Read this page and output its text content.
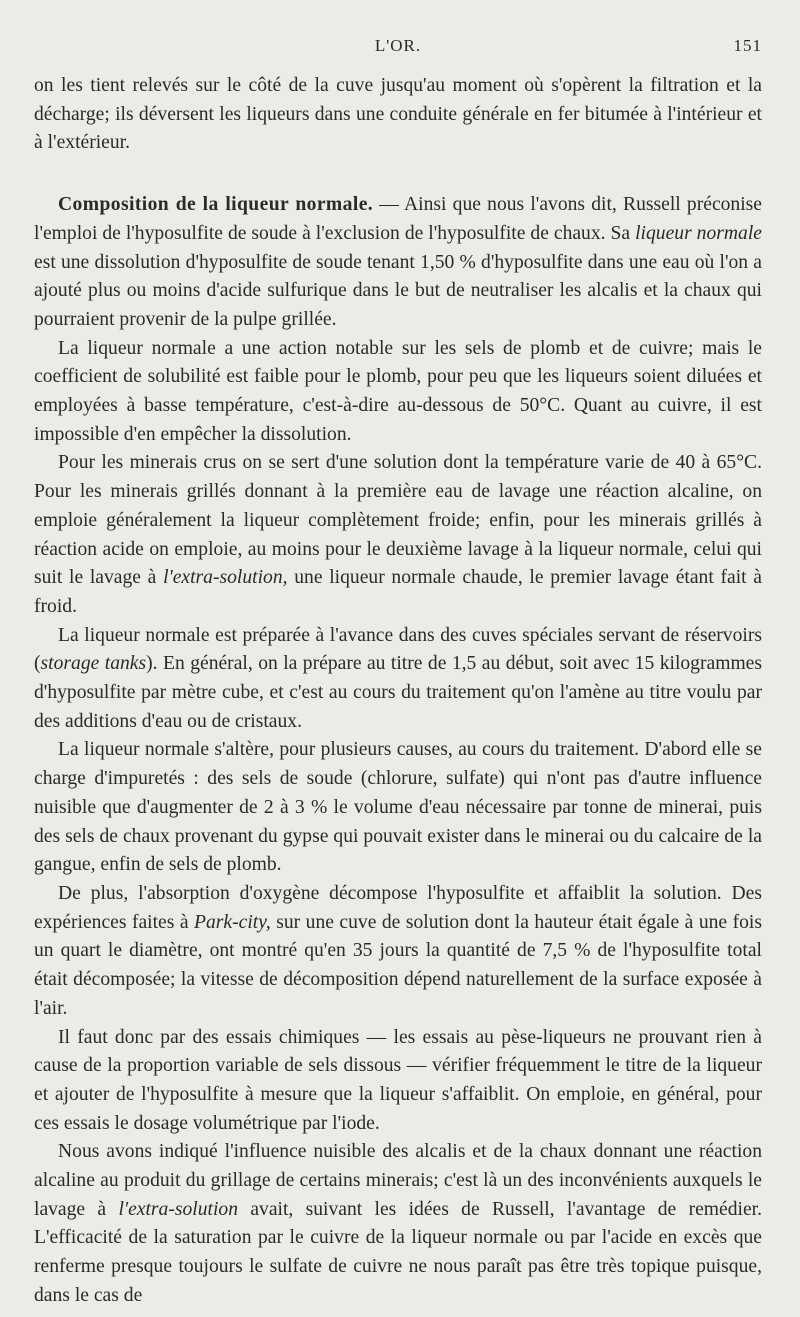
L'OR.	151

on les tient relevés sur le côté de la cuve jusqu'au moment où s'opèrent la filtration et la décharge; ils déversent les liqueurs dans une conduite générale en fer bitumée à l'intérieur et à l'extérieur.

Composition de la liqueur normale. — Ainsi que nous l'avons dit, Russell préconise l'emploi de l'hyposulfite de soude à l'exclusion de l'hyposulfite de chaux. Sa liqueur normale est une dissolution d'hyposulfite de soude tenant 1,50 % d'hyposulfite dans une eau où l'on a ajouté plus ou moins d'acide sulfurique dans le but de neutraliser les alcalis et la chaux qui pourraient provenir de la pulpe grillée.

La liqueur normale a une action notable sur les sels de plomb et de cuivre; mais le coefficient de solubilité est faible pour le plomb, pour peu que les liqueurs soient diluées et employées à basse température, c'est-à-dire au-dessous de 50°C. Quant au cuivre, il est impossible d'en empêcher la dissolution.

Pour les minerais crus on se sert d'une solution dont la température varie de 40 à 65°C. Pour les minerais grillés donnant à la première eau de lavage une réaction alcaline, on emploie généralement la liqueur complètement froide; enfin, pour les minerais grillés à réaction acide on emploie, au moins pour le deuxième lavage à la liqueur normale, celui qui suit le lavage à l'extra-solution, une liqueur normale chaude, le premier lavage étant fait à froid.

La liqueur normale est préparée à l'avance dans des cuves spéciales servant de réservoirs (storage tanks). En général, on la prépare au titre de 1,5 au début, soit avec 15 kilogrammes d'hyposulfite par mètre cube, et c'est au cours du traitement qu'on l'amène au titre voulu par des additions d'eau ou de cristaux.

La liqueur normale s'altère, pour plusieurs causes, au cours du traitement. D'abord elle se charge d'impuretés : des sels de soude (chlorure, sulfate) qui n'ont pas d'autre influence nuisible que d'augmenter de 2 à 3 % le volume d'eau nécessaire par tonne de minerai, puis des sels de chaux provenant du gypse qui pouvait exister dans le minerai ou du calcaire de la gangue, enfin de sels de plomb.

De plus, l'absorption d'oxygène décompose l'hyposulfite et affaiblit la solution. Des expériences faites à Park-city, sur une cuve de solution dont la hauteur était égale à une fois un quart le diamètre, ont montré qu'en 35 jours la quantité de 7,5 % de l'hyposulfite total était décomposée; la vitesse de décomposition dépend naturellement de la surface exposée à l'air.

Il faut donc par des essais chimiques — les essais au pèse-liqueurs ne prouvant rien à cause de la proportion variable de sels dissous — vérifier fréquemment le titre de la liqueur et ajouter de l'hyposulfite à mesure que la liqueur s'affaiblit. On emploie, en général, pour ces essais le dosage volumétrique par l'iode.

Nous avons indiqué l'influence nuisible des alcalis et de la chaux donnant une réaction alcaline au produit du grillage de certains minerais; c'est là un des inconvénients auxquels le lavage à l'extra-solution avait, suivant les idées de Russell, l'avantage de remédier. L'efficacité de la saturation par le cuivre de la liqueur normale ou par l'acide en excès que renferme presque toujours le sulfate de cuivre ne nous paraît pas être très topique puisque, dans le cas de
